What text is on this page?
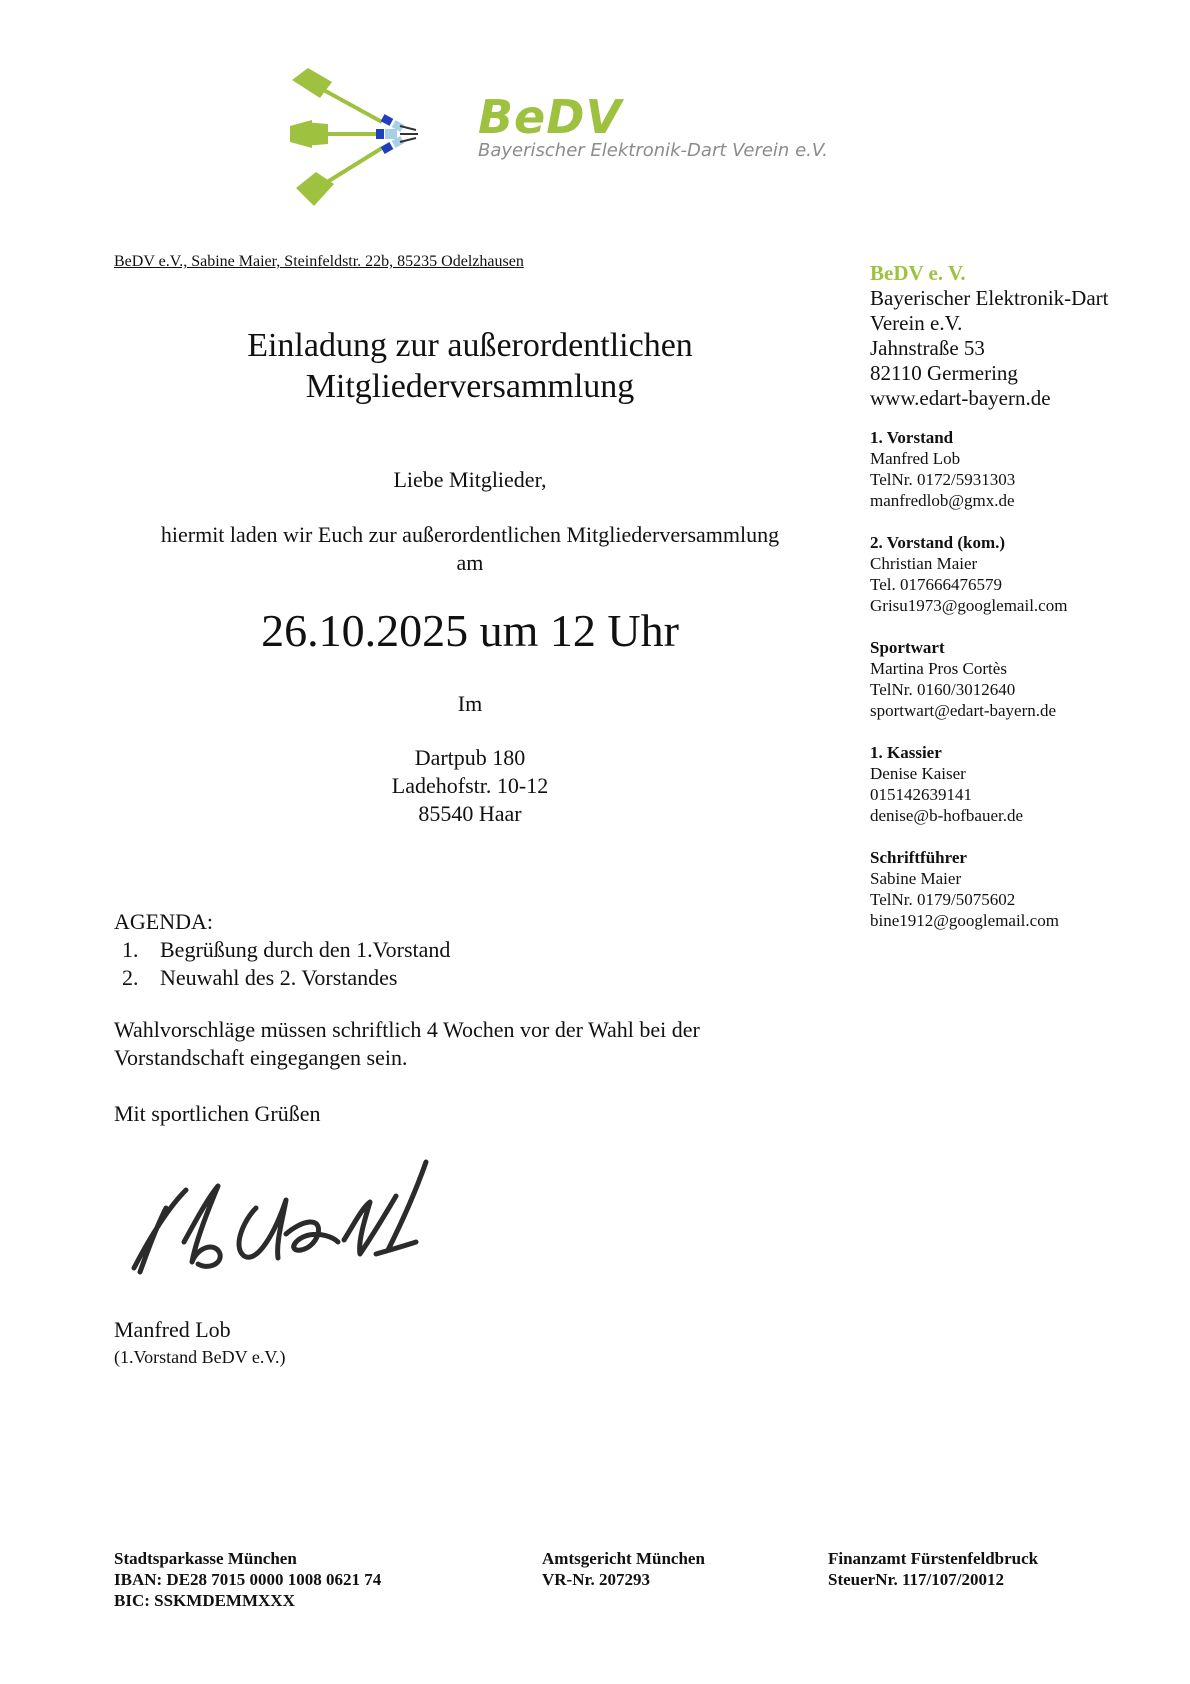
BeDV
Bayerischer Elektronik-Dart Verein e.V.
BeDV e.V., Sabine Maier, Steinfeldstr. 22b, 85235 Odelzhausen
Einladung zur außerordentlichen
Mitgliederversammlung
Liebe Mitglieder,
hiermit laden wir Euch zur außerordentlichen Mitgliederversammlung
am
26.10.2025 um 12 Uhr
Im
Dartpub 180
Ladehofstr. 10-12
85540 Haar
AGENDA:
1. Begrüßung durch den 1.Vorstand
2. Neuwahl des 2. Vorstandes
Wahlvorschläge müssen schriftlich 4 Wochen vor der Wahl bei der
Vorstandschaft eingegangen sein.
Mit sportlichen Grüßen
Manfred Lob
(1.Vorstand BeDV e.V.)
BeDV e. V.
Bayerischer Elektronik-Dart
Verein e.V.
Jahnstraße 53
82110 Germering
www.edart-bayern.de
1. Vorstand
Manfred Lob
TelNr. 0172/5931303
manfredlob@gmx.de
2. Vorstand (kom.)
Christian Maier
Tel. 017666476579
Grisu1973@googlemail.com
Sportwart
Martina Pros Cortès
TelNr. 0160/3012640
sportwart@edart-bayern.de
1. Kassier
Denise Kaiser
015142639141
denise@b-hofbauer.de
Schriftführer
Sabine Maier
TelNr. 0179/5075602
bine1912@googlemail.com
Stadtsparkasse München
IBAN: DE28 7015 0000 1008 0621 74
BIC: SSKMDEMMXXX
Amtsgericht München
VR-Nr. 207293
Finanzamt Fürstenfeldbruck
SteuerNr. 117/107/20012
